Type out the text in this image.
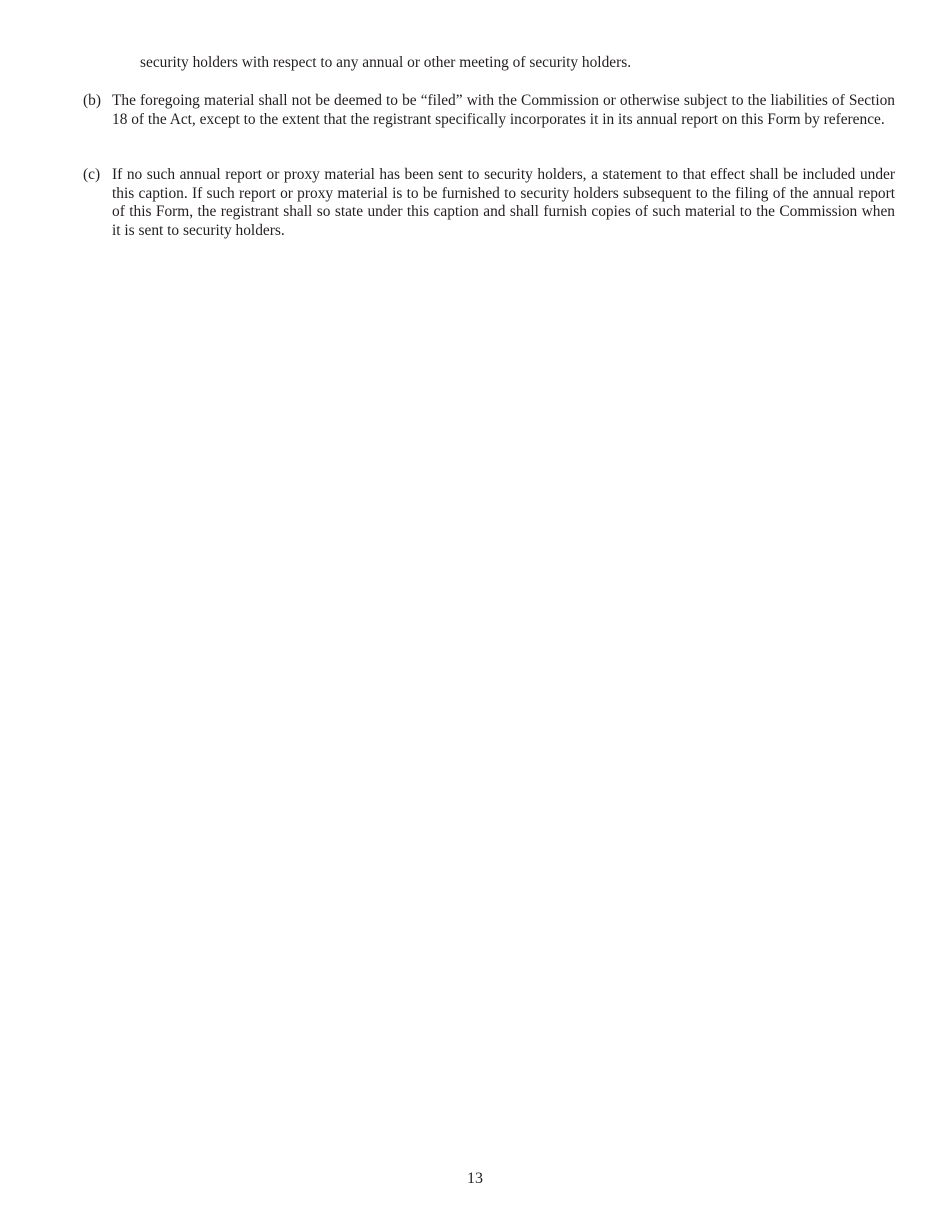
security holders with respect to any annual or other meeting of security holders.
(b) The foregoing material shall not be deemed to be “filed” with the Commission or otherwise subject to the liabilities of Section 18 of the Act, except to the extent that the registrant specifically incorporates it in its annual report on this Form by reference.
(c) If no such annual report or proxy material has been sent to security holders, a statement to that effect shall be included under this caption. If such report or proxy material is to be furnished to security holders subsequent to the filing of the annual report of this Form, the registrant shall so state under this caption and shall furnish copies of such material to the Commission when it is sent to security holders.
13
